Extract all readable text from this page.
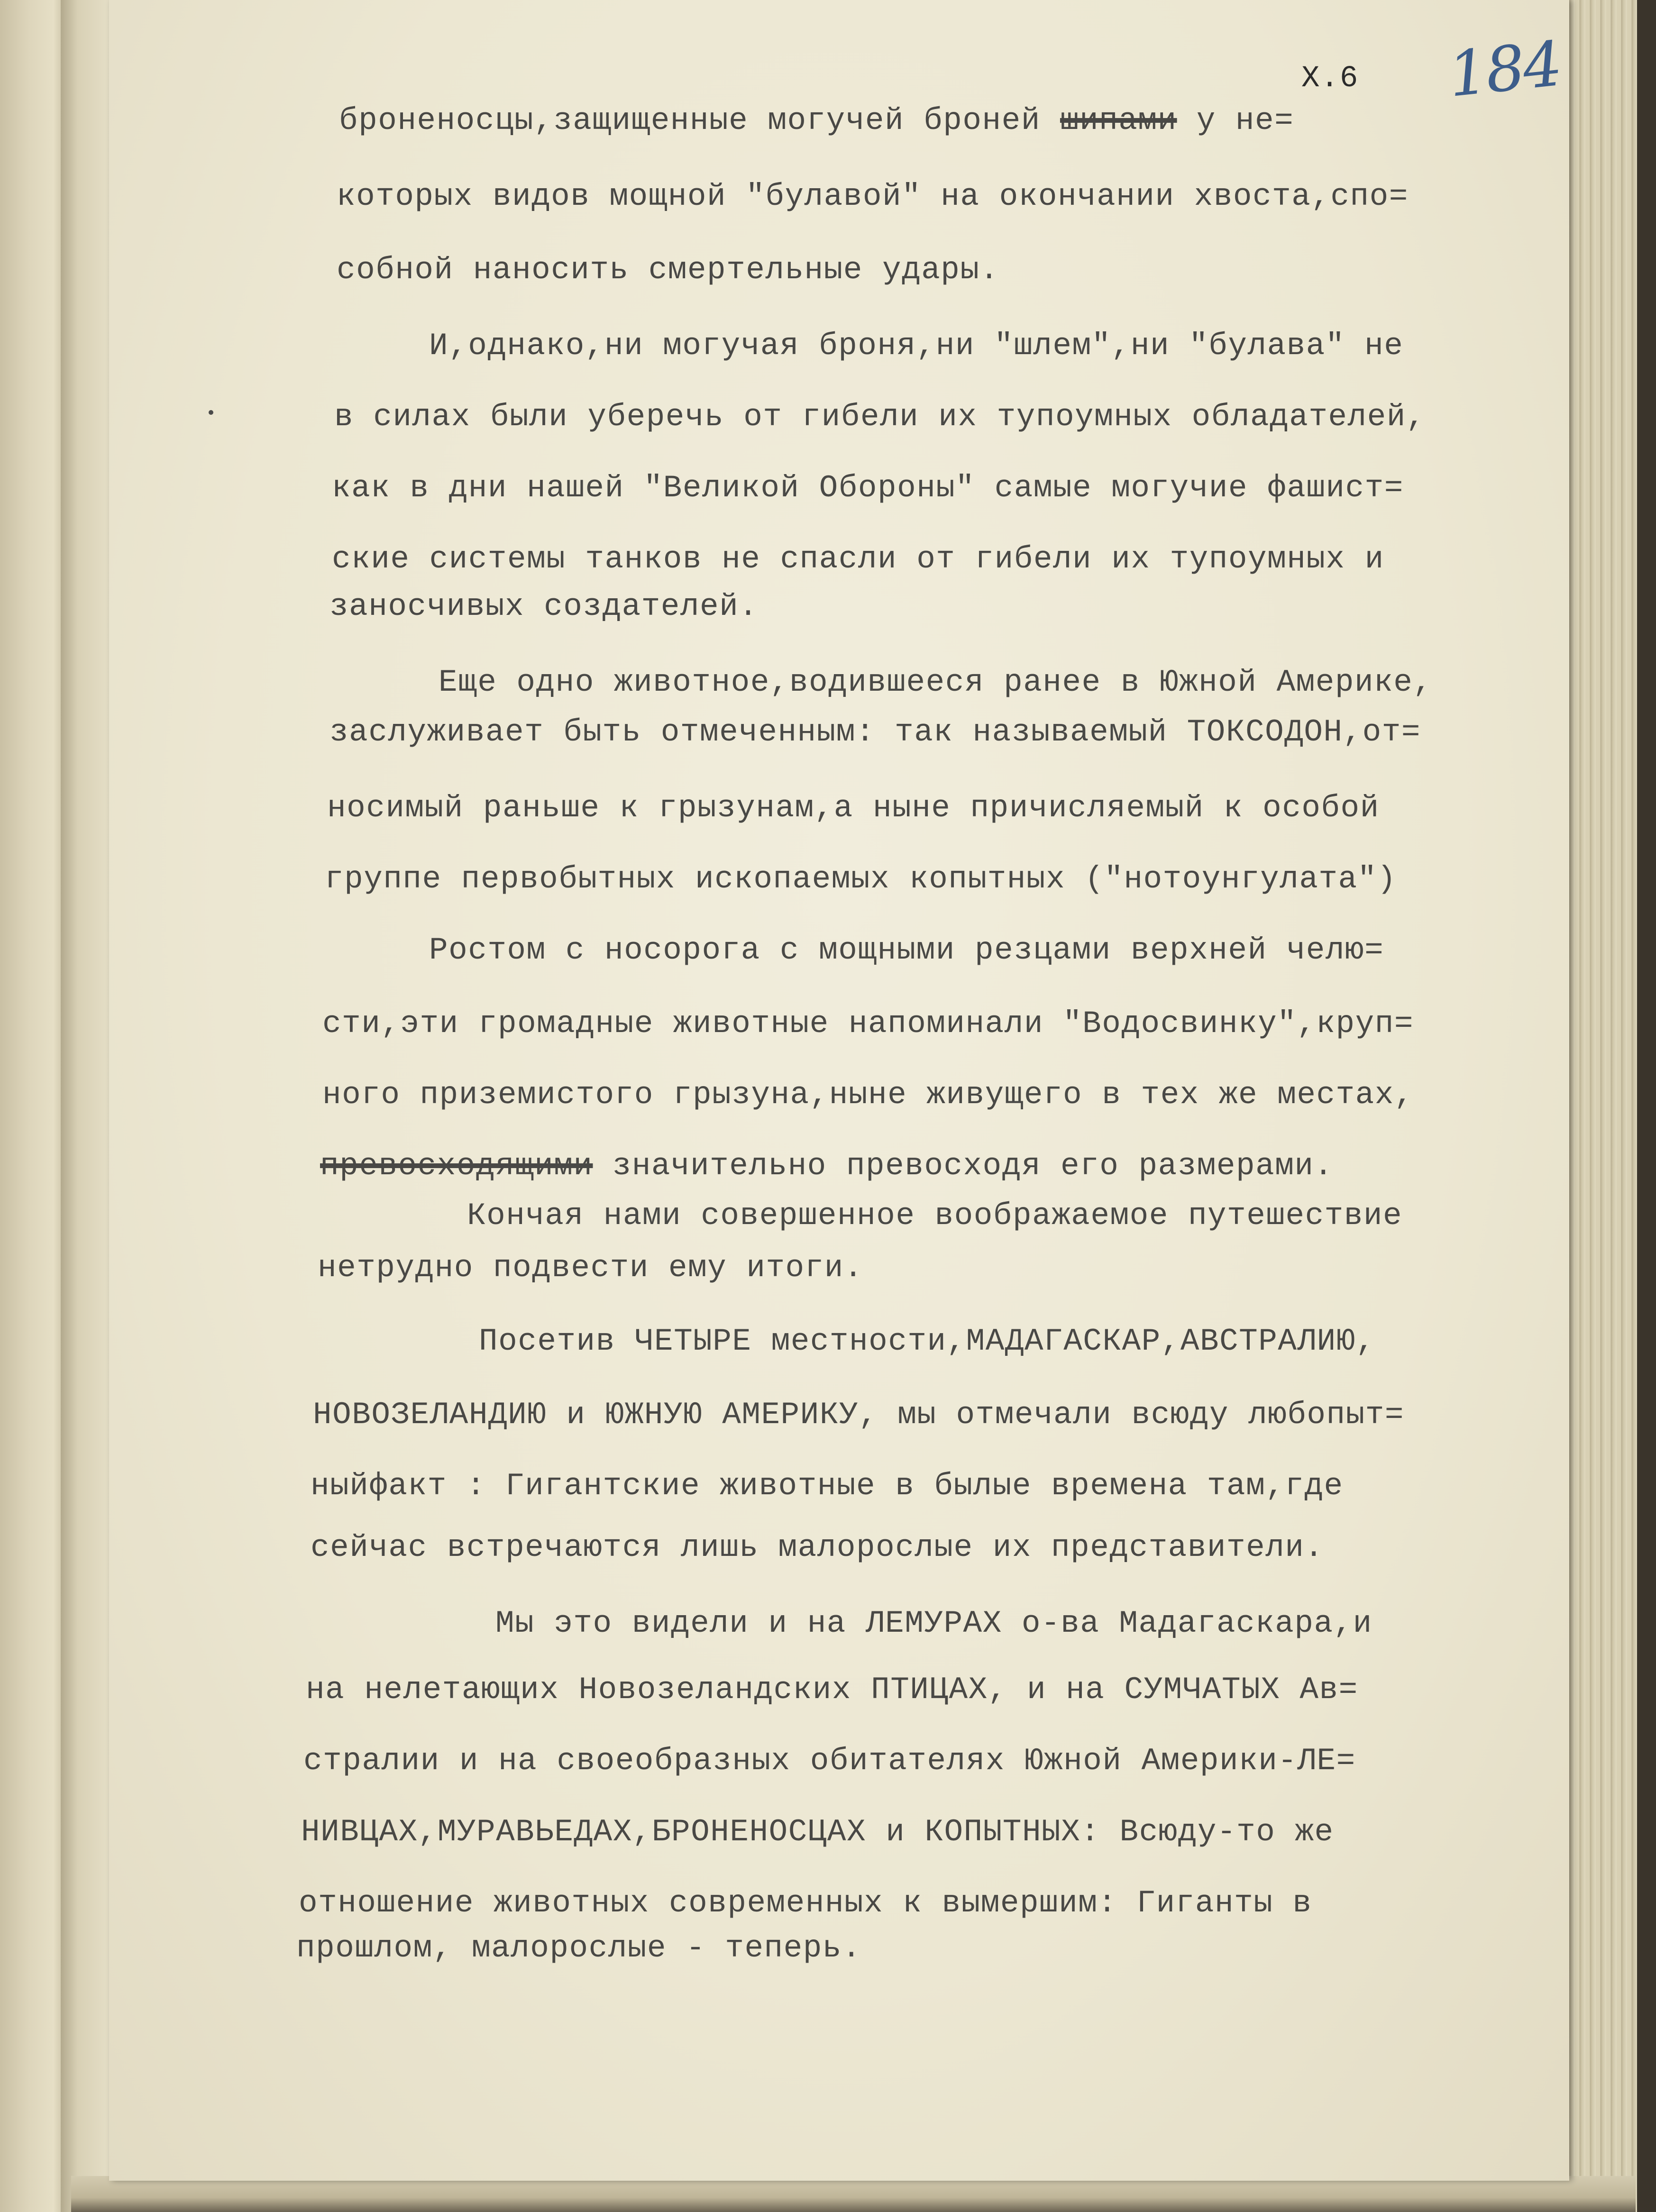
X.6 184
броненосцы,защищенные могучей броней шипами у не=
которых видов мощной "булавой" на окончании хвоста,спо=
собной наносить смертельные удары.
И,однако,ни могучая броня,ни "шлем",ни "булава" не
в силах были уберечь от гибели их тупоумных обладателей,
как в дни нашей "Великой Обороны" самые могучие фашист=
ские системы танков не спасли от гибели их тупоумных и
заносчивых создателей.
Еще одно животное,водившееся ранее в Южной Америке,
заслуживает быть отмеченным: так называемый ТОКСОДОН,от=
носимый раньше к грызунам,а ныне причисляемый к особой
группе первобытных ископаемых копытных ("нотоунгулата")
Ростом с носорога с мощными резцами верхней челю=
сти,эти громадные животные напоминали "Водосвинку",круп=
ного приземистого грызуна,ныне живущего в тех же местах,
превосходящими значительно превосходя его размерами.
Кончая нами совершенное воображаемое путешествие
нетрудно подвести ему итоги.
Посетив ЧЕТЫРЕ местности,МАДАГАСКАР,АВСТРАЛИЮ,
НОВОЗЕЛАНДИЮ и ЮЖНУЮ АМЕРИКУ, мы отмечали всюду любопыт=
ныйфакт : Гигантские животные в былые времена там,где
сейчас встречаются лишь малорослые их представители.
Мы это видели и на ЛЕМУРАХ о-ва Мадагаскара,и
на нелетающих Новозеландских ПТИЦАХ, и на СУМЧАТЫХ Ав=
стралии и на своеобразных обитателях Южной Америки-ЛЕ=
НИВЦАХ,МУРАВЬЕДАХ,БРОНЕНОСЦАХ и КОПЫТНЫХ: Всюду-то же
отношение животных современных к вымершим: Гиганты в
прошлом, малорослые - теперь.
